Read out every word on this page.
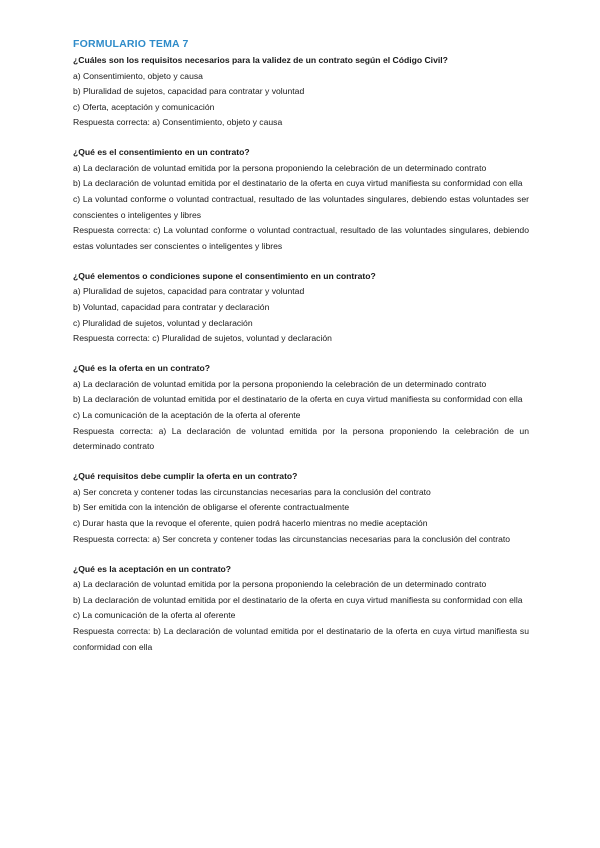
FORMULARIO TEMA 7

¿Cuáles son los requisitos necesarios para la validez de un contrato según el Código Civil?

a) Consentimiento, objeto y causa

b) Pluralidad de sujetos, capacidad para contratar y voluntad

c) Oferta, aceptación y comunicación

Respuesta correcta: a) Consentimiento, objeto y causa

¿Qué es el consentimiento en un contrato?

a) La declaración de voluntad emitida por la persona proponiendo la celebración de un determinado contrato

b) La declaración de voluntad emitida por el destinatario de la oferta en cuya virtud manifiesta su conformidad con ella

c) La voluntad conforme o voluntad contractual, resultado de las voluntades singulares, debiendo estas voluntades ser conscientes o inteligentes y libres

Respuesta correcta: c) La voluntad conforme o voluntad contractual, resultado de las voluntades singulares, debiendo estas voluntades ser conscientes o inteligentes y libres

¿Qué elementos o condiciones supone el consentimiento en un contrato?

a) Pluralidad de sujetos, capacidad para contratar y voluntad

b) Voluntad, capacidad para contratar y declaración

c) Pluralidad de sujetos, voluntad y declaración

Respuesta correcta: c) Pluralidad de sujetos, voluntad y declaración

¿Qué es la oferta en un contrato?

a) La declaración de voluntad emitida por la persona proponiendo la celebración de un determinado contrato

b) La declaración de voluntad emitida por el destinatario de la oferta en cuya virtud manifiesta su conformidad con ella

c) La comunicación de la aceptación de la oferta al oferente

Respuesta correcta: a) La declaración de voluntad emitida por la persona proponiendo la celebración de un determinado contrato

¿Qué requisitos debe cumplir la oferta en un contrato?

a) Ser concreta y contener todas las circunstancias necesarias para la conclusión del contrato

b) Ser emitida con la intención de obligarse el oferente contractualmente

c) Durar hasta que la revoque el oferente, quien podrá hacerlo mientras no medie aceptación

Respuesta correcta: a) Ser concreta y contener todas las circunstancias necesarias para la conclusión del contrato

¿Qué es la aceptación en un contrato?

a) La declaración de voluntad emitida por la persona proponiendo la celebración de un determinado contrato

b) La declaración de voluntad emitida por el destinatario de la oferta en cuya virtud manifiesta su conformidad con ella

c) La comunicación de la oferta al oferente

Respuesta correcta: b) La declaración de voluntad emitida por el destinatario de la oferta en cuya virtud manifiesta su conformidad con ella
